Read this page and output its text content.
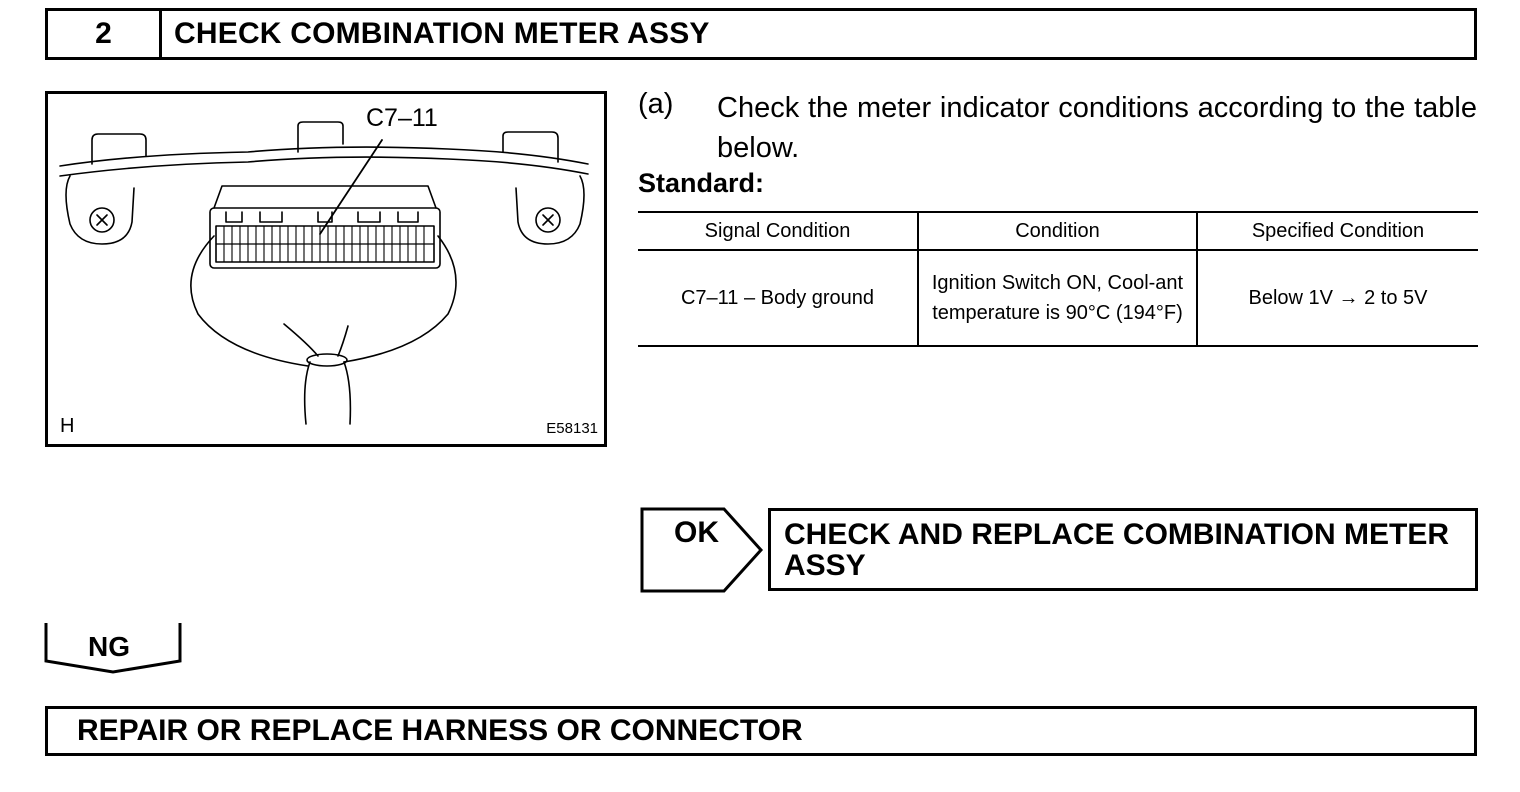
2	CHECK COMBINATION METER ASSY
C7–11
H	E58131
(a) Check the meter indicator conditions according to the table below.
Standard:
Signal Condition	Condition	Specified Condition
C7–11 – Body ground	Ignition Switch ON, Cool-ant temperature is 90°C (194°F)	Below 1V → 2 to 5V
OK	CHECK AND REPLACE COMBINATION METER ASSY
NG
REPAIR OR REPLACE HARNESS OR CONNECTOR
